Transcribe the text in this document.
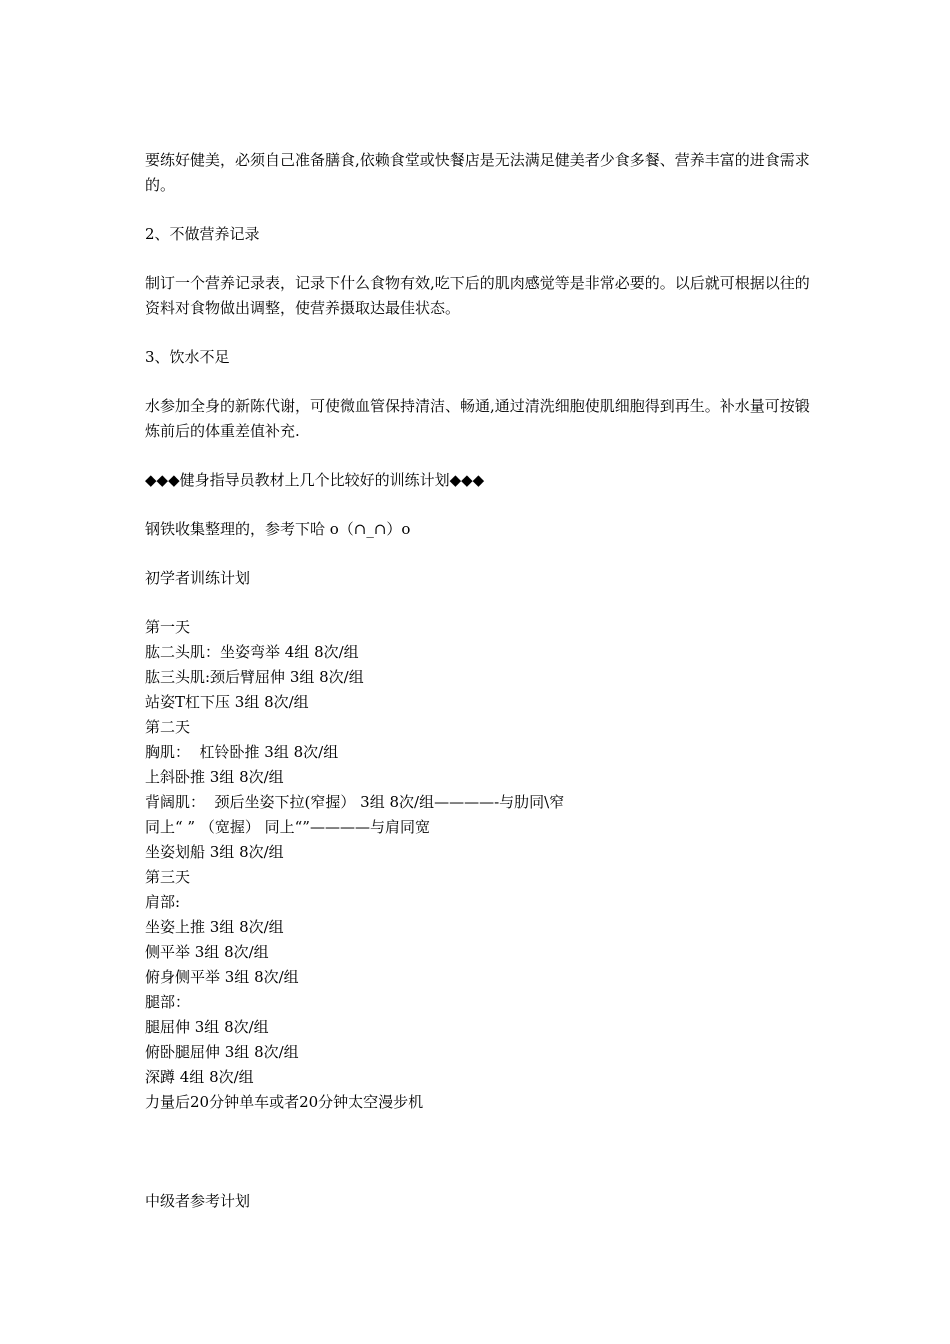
要练好健美，必须自己准备膳食,依赖食堂或快餐店是无法满足健美者少食多餐、营养丰富的进食需求的。

2、不做营养记录

制订一个营养记录表，记录下什么食物有效,吃下后的肌肉感觉等是非常必要的。以后就可根据以往的资料对食物做出调整，使营养摄取达最佳状态。

3、饮水不足

水参加全身的新陈代谢，可使微血管保持清洁、畅通,通过清洗细胞使肌细胞得到再生。补水量可按锻炼前后的体重差值补充.

◆◆◆健身指导员教材上几个比较好的训练计划◆◆◆

钢铁收集整理的，参考下哈 o（∩_∩）o

初学者训练计划

第一天

肱二头肌：坐姿弯举 4组 8次/组

肱三头肌:颈后臂屈伸 3组 8次/组

站姿T杠下压 3组 8次/组

第二天

胸肌：  杠铃卧推 3组 8次/组

上斜卧推 3组 8次/组

背阔肌：  颈后坐姿下拉(窄握） 3组 8次/组————-与肋同\窄

同上“ ” （宽握） 同上“”————与肩同宽

坐姿划船 3组 8次/组

第三天

肩部:

坐姿上推 3组 8次/组

侧平举 3组 8次/组

俯身侧平举 3组 8次/组

腿部：

腿屈伸 3组 8次/组

俯卧腿屈伸 3组 8次/组

深蹲 4组 8次/组

力量后20分钟单车或者20分钟太空漫步机

中级者参考计划
